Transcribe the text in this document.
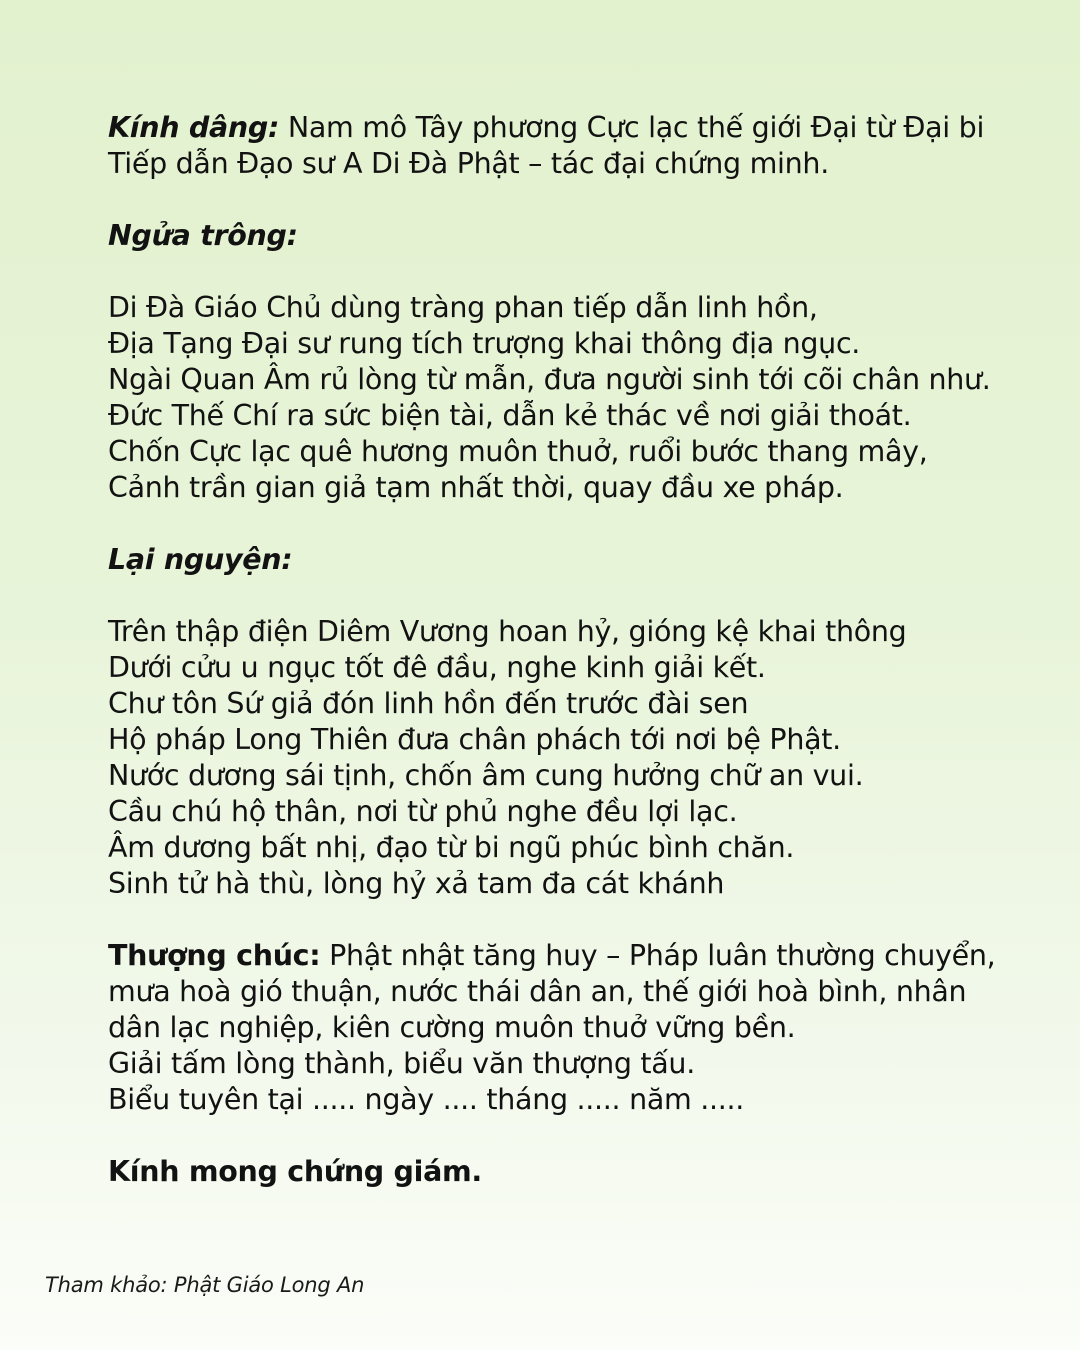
Kính dâng: Nam mô Tây phương Cực lạc thế giới Đại từ Đại bi Tiếp dẫn Đạo sư A Di Đà Phật – tác đại chứng minh.

Ngửa trông:

Di Đà Giáo Chủ dùng tràng phan tiếp dẫn linh hồn,
Địa Tạng Đại sư rung tích trượng khai thông địa ngục.
Ngài Quan Âm rủ lòng từ mẫn, đưa người sinh tới cõi chân như.
Đức Thế Chí ra sức biện tài, dẫn kẻ thác về nơi giải thoát.
Chốn Cực lạc quê hương muôn thuở, ruổi bước thang mây,
Cảnh trần gian giả tạm nhất thời, quay đầu xe pháp.

Lại nguyện:

Trên thập điện Diêm Vương hoan hỷ, gióng kệ khai thông
Dưới cửu u ngục tốt đê đầu, nghe kinh giải kết.
Chư tôn Sứ giả đón linh hồn đến trước đài sen
Hộ pháp Long Thiên đưa chân phách tới nơi bệ Phật.
Nước dương sái tịnh, chốn âm cung hưởng chữ an vui.
Cầu chú hộ thân, nơi từ phủ nghe đều lợi lạc.
Âm dương bất nhị, đạo từ bi ngũ phúc bình chăn.
Sinh tử hà thù, lòng hỷ xả tam đa cát khánh

Thượng chúc: Phật nhật tăng huy – Pháp luân thường chuyển, mưa hoà gió thuận, nước thái dân an, thế giới hoà bình, nhân dân lạc nghiệp, kiên cường muôn thuở vững bền.

Giải tấm lòng thành, biểu văn thượng tấu.
Biểu tuyên tại ..... ngày .... tháng ..... năm .....

Kính mong chứng giám.

Tham khảo: Phật Giáo Long An
